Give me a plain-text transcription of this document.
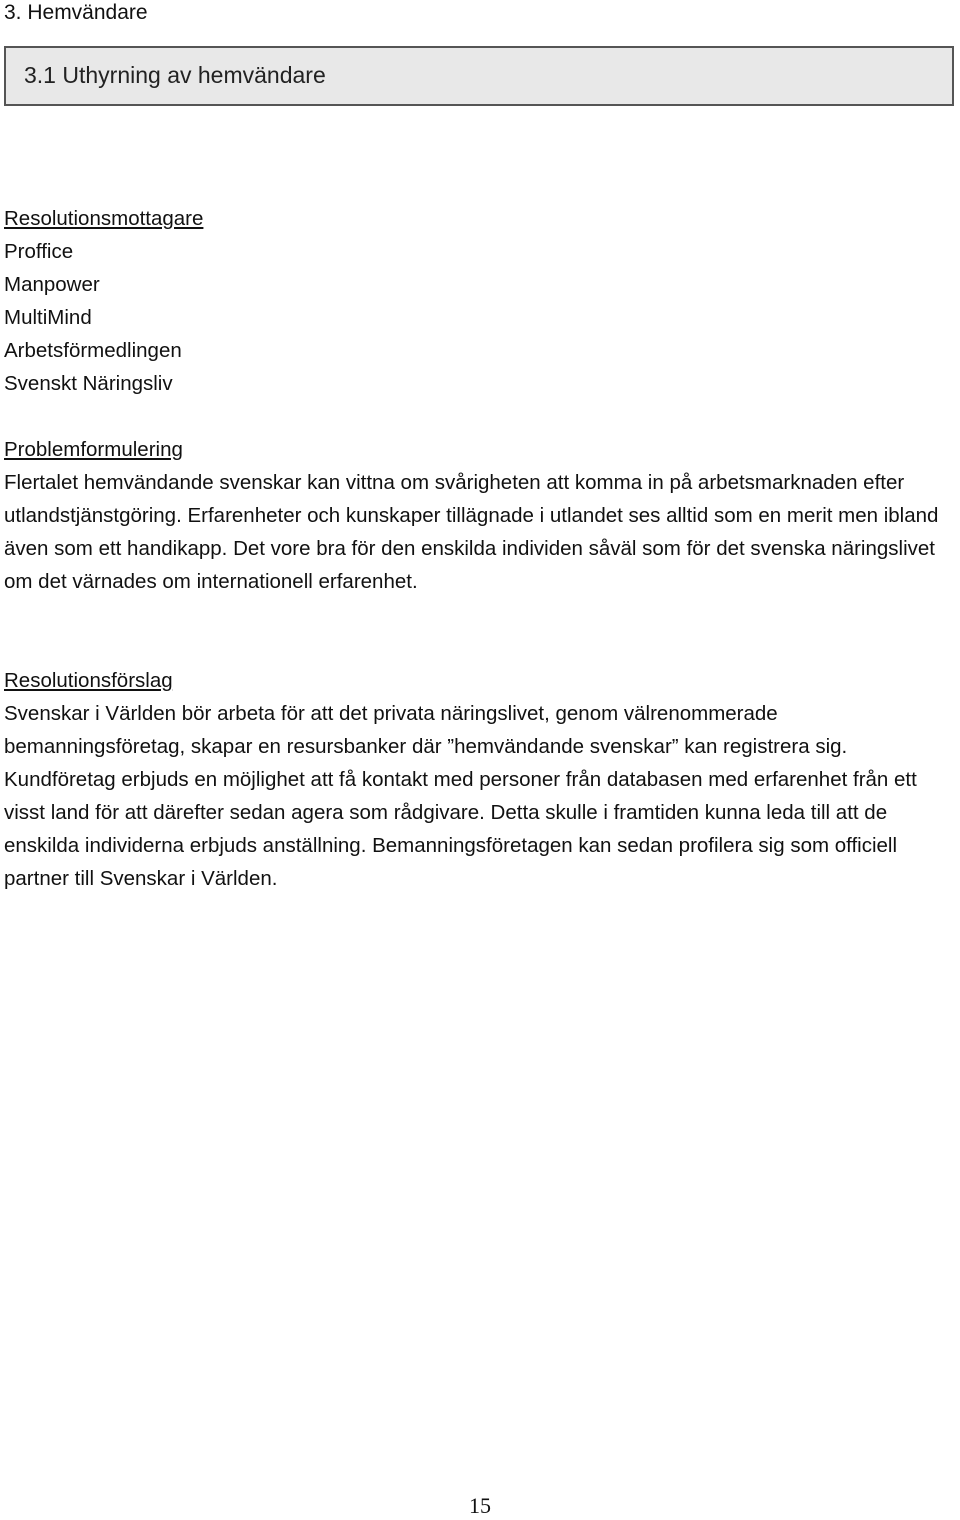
3. Hemvändare
3.1 Uthyrning av hemvändare
Resolutionsmottagare
Proffice
Manpower
MultiMind
Arbetsförmedlingen
Svenskt Näringsliv
Problemformulering

Flertalet hemvändande svenskar kan vittna om svårigheten att komma in på arbetsmarknaden efter utlandstjänstgöring. Erfarenheter och kunskaper tillägnade i utlandet ses alltid som en merit men ibland även som ett handikapp. Det vore bra för den enskilda individen såväl som för det svenska näringslivet om det värnades om internationell erfarenhet.

Resolutionsförslag

Svenskar i Världen bör arbeta för att det privata näringslivet, genom välrenommerade bemanningsföretag, skapar en resursbanker där ”hemvändande svenskar” kan registrera sig. Kundföretag erbjuds en möjlighet att få kontakt med personer från databasen med erfarenhet från ett visst land för att därefter sedan agera som rådgivare. Detta skulle i framtiden kunna leda till att de enskilda individerna erbjuds anställning. Bemanningsföretagen kan sedan profilera sig som officiell partner till Svenskar i Världen.

15
